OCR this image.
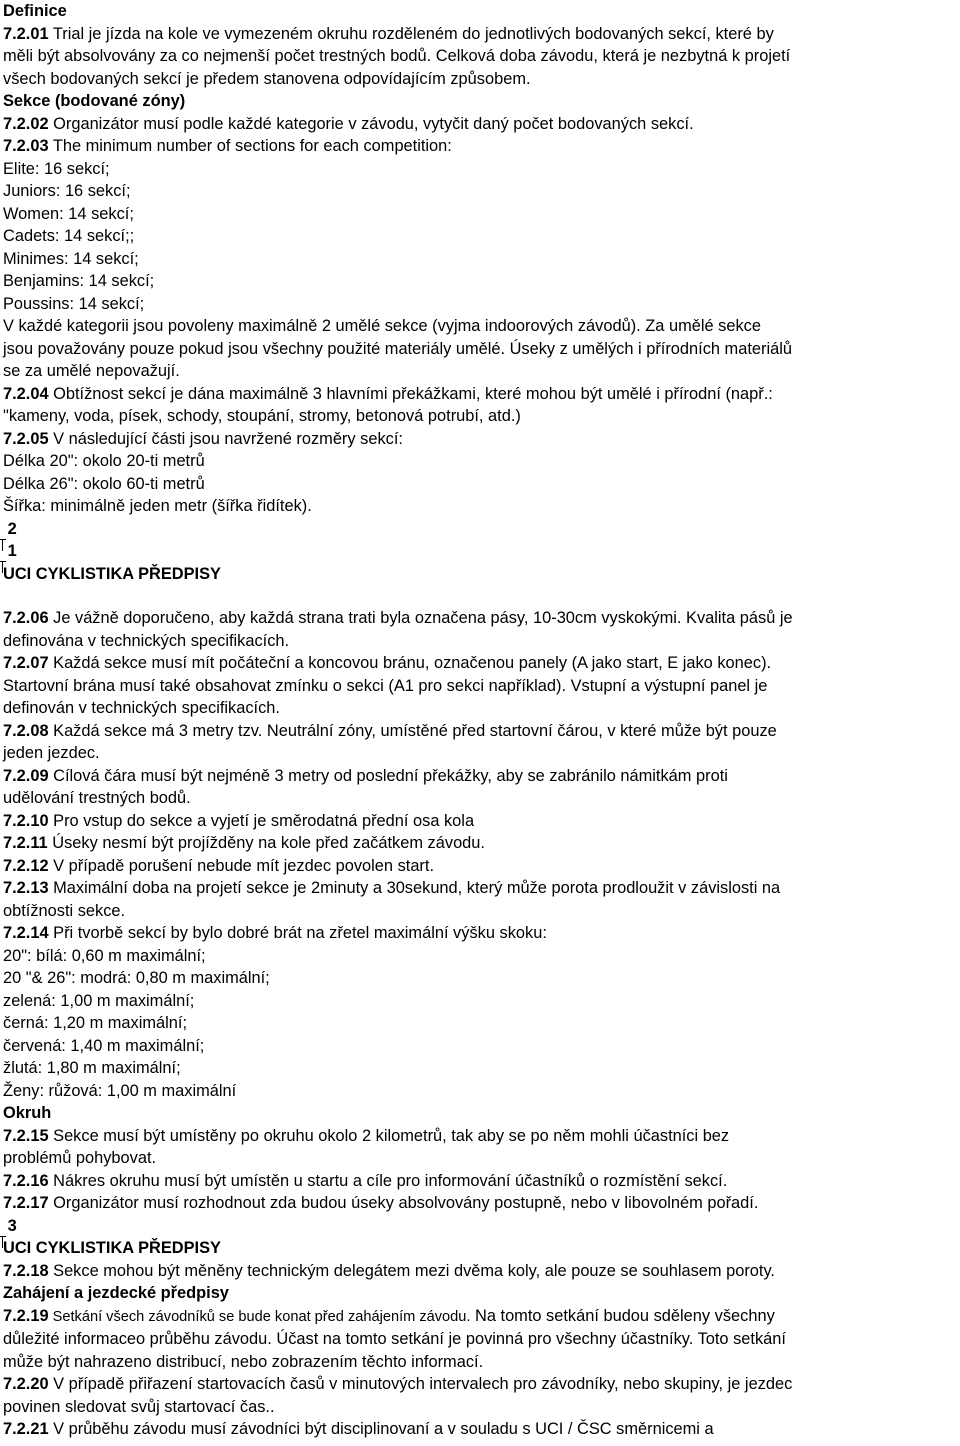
Definice
7.2.01 Trial je jízda na kole ve vymezeném okruhu rozděleném do jednotlivých bodovaných sekcí, které by
měli být absolvovány za co nejmenší počet trestných bodů. Celková doba závodu, která je nezbytná k projetí
všech bodovaných sekcí je předem stanovena odpovídajícím způsobem.
Sekce (bodované zóny)
7.2.02 Organizátor musí podle každé kategorie v závodu, vytyčit daný počet bodovaných sekcí.
7.2.03 The minimum number of sections for each competition:
Elite: 16 sekcí;
Juniors: 16 sekcí;
Women: 14 sekcí;
Cadets: 14 sekcí;;
Minimes: 14 sekcí;
Benjamins: 14 sekcí;
Poussins: 14 sekcí;
V každé kategorii jsou povoleny maximálně 2 umělé sekce (vyjma indoorových závodů). Za umělé sekce
jsou považovány pouze pokud jsou všechny použité materiály umělé. Úseky z umělých i přírodních materiálů
se za umělé nepovažují.
7.2.04 Obtížnost sekcí je dána maximálně 3 hlavními překážkami, které mohou být umělé i přírodní (např.:
"kameny, voda, písek, schody, stoupání, stromy, betonová potrubí, atd.)
7.2.05 V následující části jsou navržené rozměry sekcí:
Délka 20": okolo 20-ti metrů
Délka 26": okolo 60-ti metrů
Šířka: minimálně jeden metr (šířka řidítek).
2
1
UCI CYKLISTIKA PŘEDPISY
7.2.06 Je vážně doporučeno, aby každá strana trati byla označena pásy, 10-30cm vyskokými. Kvalita pásů je
definována v technických specifikacích.
7.2.07 Každá sekce musí mít počáteční a koncovou bránu, označenou panely (A jako start, E jako konec).
Startovní brána musí také obsahovat zmínku o sekci (A1 pro sekci například). Vstupní a výstupní panel je
definován v technických specifikacích.
7.2.08 Každá sekce má 3 metry tzv. Neutrální zóny, umístěné před startovní čárou, v které může být pouze
jeden jezdec.
7.2.09 Cílová čára musí být nejméně 3 metry od poslední překážky, aby se zabránilo námitkám proti
udělování trestných bodů.
7.2.10 Pro vstup do sekce a vyjetí je směrodatná přední osa kola
7.2.11 Úseky nesmí být projížděny na kole před začátkem závodu.
7.2.12 V případě porušení nebude mít jezdec povolen start.
7.2.13 Maximální doba na projetí sekce je 2minuty a 30sekund, který může porota prodloužit v závislosti na
obtížnosti sekce.
7.2.14 Při tvorbě sekcí by bylo dobré brát na zřetel maximální výšku skoku:
20": bílá: 0,60 m maximální;
20 "& 26": modrá: 0,80 m maximální;
zelená: 1,00 m maximální;
černá: 1,20 m maximální;
červená: 1,40 m maximální;
žlutá: 1,80 m maximální;
Ženy: růžová: 1,00 m maximální
Okruh
7.2.15 Sekce musí být umístěny po okruhu okolo 2 kilometrů, tak aby se po něm mohli účastníci bez
problémů pohybovat.
7.2.16 Nákres okruhu musí být umístěn u startu a cíle pro informování účastníků o rozmístění sekcí.
7.2.17 Organizátor musí rozhodnout zda budou úseky absolvovány postupně, nebo v libovolném pořadí.
3
UCI CYKLISTIKA PŘEDPISY
7.2.18 Sekce mohou být měněny technickým delegátem mezi dvěma koly, ale pouze se souhlasem poroty.
Zahájení a jezdecké předpisy
7.2.19 Setkání všech závodníků se bude konat před zahájením závodu. Na tomto setkání budou sděleny všechny
důležité informaceo průběhu závodu. Účast na tomto setkání je povinná pro všechny účastníky. Toto setkání
může být nahrazeno distribucí, nebo zobrazením těchto informací.
7.2.20 V případě přiřazení startovacích časů v minutových intervalech pro závodníky, nebo skupiny, je jezdec
povinen sledovat svůj startovací čas..
7.2.21 V průběhu závodu musí závodníci být disciplinovaní a v souladu s UCI / ČSC směrnicemi a
